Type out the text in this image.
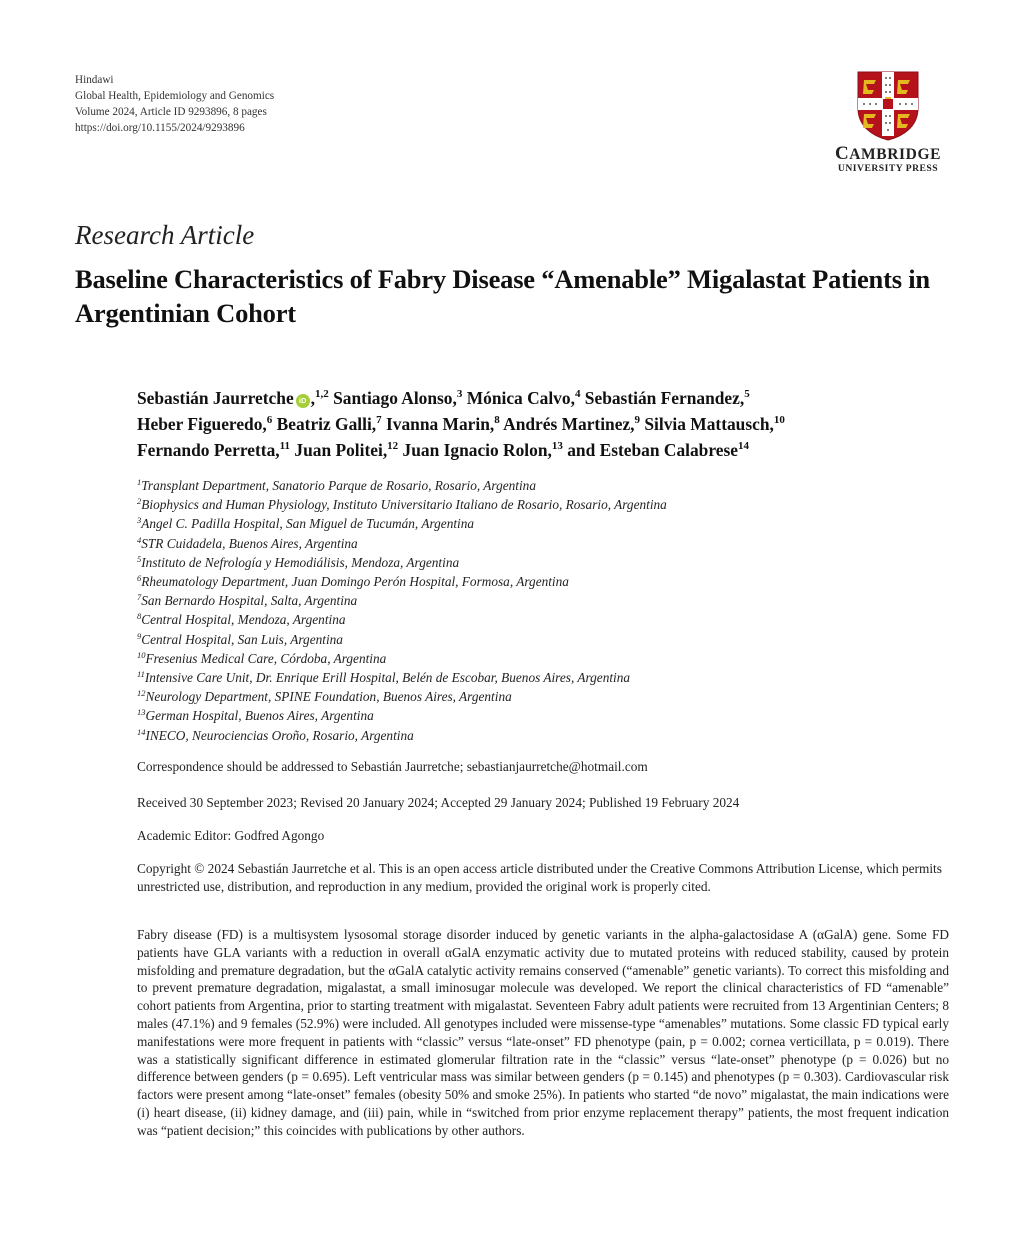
Hindawi
Global Health, Epidemiology and Genomics
Volume 2024, Article ID 9293896, 8 pages
https://doi.org/10.1155/2024/9293896
CAMBRIDGE
UNIVERSITY PRESS
Research Article
Baseline Characteristics of Fabry Disease “Amenable” Migalastat Patients in Argentinian Cohort
Sebastián Jaurretche iD ,$^{1,2}$ Santiago Alonso,$^3$ Mónica Calvo,$^4$ Sebastián Fernandez,$^5$
Heber Figueredo,$^6$ Beatriz Galli,$^7$ Ivanna Marin,$^8$ Andrés Martinez,$^9$ Silvia Mattausch,$^{10}$
Fernando Perretta,$^{11}$ Juan Politei,$^{12}$ Juan Ignacio Rolon,$^{13}$ and Esteban Calabrese$^{14}$
$^1$Transplant Department, Sanatorio Parque de Rosario, Rosario, Argentina
$^2$Biophysics and Human Physiology, Instituto Universitario Italiano de Rosario, Rosario, Argentina
$^3$Angel C. Padilla Hospital, San Miguel de Tucumán, Argentina
$^4$STR Cuidadela, Buenos Aires, Argentina
$^5$Instituto de Nefrología y Hemodiálisis, Mendoza, Argentina
$^6$Rheumatology Department, Juan Domingo Perón Hospital, Formosa, Argentina
$^7$San Bernardo Hospital, Salta, Argentina
$^8$Central Hospital, Mendoza, Argentina
$^9$Central Hospital, San Luis, Argentina
$^{10}$Fresenius Medical Care, Córdoba, Argentina
$^{11}$Intensive Care Unit, Dr. Enrique Erill Hospital, Belén de Escobar, Buenos Aires, Argentina
$^{12}$Neurology Department, SPINE Foundation, Buenos Aires, Argentina
$^{13}$German Hospital, Buenos Aires, Argentina
$^{14}$INECO, Neurociencias Oroño, Rosario, Argentina
Correspondence should be addressed to Sebastián Jaurretche; sebastianjaurretche@hotmail.com
Received 30 September 2023; Revised 20 January 2024; Accepted 29 January 2024; Published 19 February 2024
Academic Editor: Godfred Agongo
Copyright © 2024 Sebastián Jaurretche et al. This is an open access article distributed under the Creative Commons Attribution License, which permits unrestricted use, distribution, and reproduction in any medium, provided the original work is properly cited.
Fabry disease (FD) is a multisystem lysosomal storage disorder induced by genetic variants in the alpha-galactosidase A (αGalA) gene. Some FD patients have GLA variants with a reduction in overall αGalA enzymatic activity due to mutated proteins with reduced stability, caused by protein misfolding and premature degradation, but the αGalA catalytic activity remains conserved (“amenable” genetic variants). To correct this misfolding and to prevent premature degradation, migalastat, a small iminosugar molecule was developed. We report the clinical characteristics of FD “amenable” cohort patients from Argentina, prior to starting treatment with migalastat. Seventeen Fabry adult patients were recruited from 13 Argentinian Centers; 8 males (47.1%) and 9 females (52.9%) were included. All genotypes included were missense-type “amenables” mutations. Some classic FD typical early manifestations were more frequent in patients with “classic” versus “late-onset” FD phenotype (pain, p = 0.002; cornea verticillata, p = 0.019). There was a statistically significant difference in estimated glomerular filtration rate in the “classic” versus “late-onset” phenotype (p = 0.026) but no difference between genders (p = 0.695). Left ventricular mass was similar between genders (p = 0.145) and phenotypes (p = 0.303). Cardiovascular risk factors were present among “late-onset” females (obesity 50% and smoke 25%). In patients who started “de novo” migalastat, the main indications were (i) heart disease, (ii) kidney damage, and (iii) pain, while in “switched from prior enzyme replacement therapy” patients, the most frequent indication was “patient decision;” this coincides with publications by other authors.
